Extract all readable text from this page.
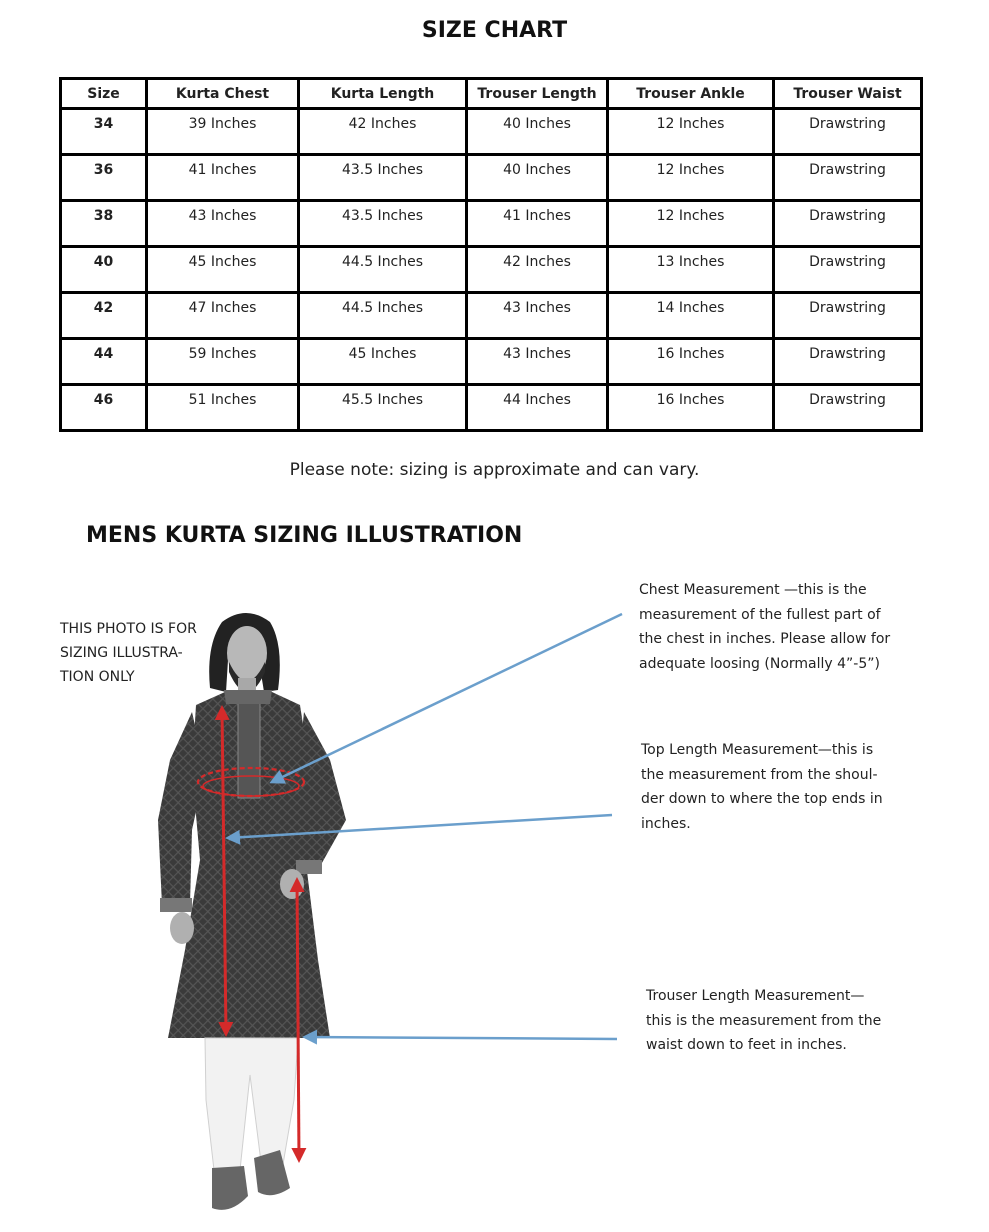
SIZE CHART
Size	Kurta Chest	Kurta Length	Trouser Length	Trouser Ankle	Trouser Waist
34	39 Inches	42 Inches	40 Inches	12 Inches	Drawstring
36	41 Inches	43.5 Inches	40 Inches	12 Inches	Drawstring
38	43 Inches	43.5 Inches	41 Inches	12 Inches	Drawstring
40	45 Inches	44.5 Inches	42 Inches	13 Inches	Drawstring
42	47 Inches	44.5 Inches	43 Inches	14 Inches	Drawstring
44	59 Inches	45 Inches	43 Inches	16 Inches	Drawstring
46	51 Inches	45.5 Inches	44 Inches	16 Inches	Drawstring
Please note: sizing is approximate and can vary.
MENS KURTA SIZING ILLUSTRATION
THIS PHOTO IS FOR
SIZING ILLUSTRA-
TION ONLY

Chest Measurement —this is the

measurement of the fullest part of

the chest in inches. Please allow for

adequate loosing (Normally 4”-5”)

Top Length Measurement—this is

the measurement from the shoul-

der down to where the top ends in

inches.

Trouser Length Measurement—

this is the measurement from the

waist down to feet in inches.
